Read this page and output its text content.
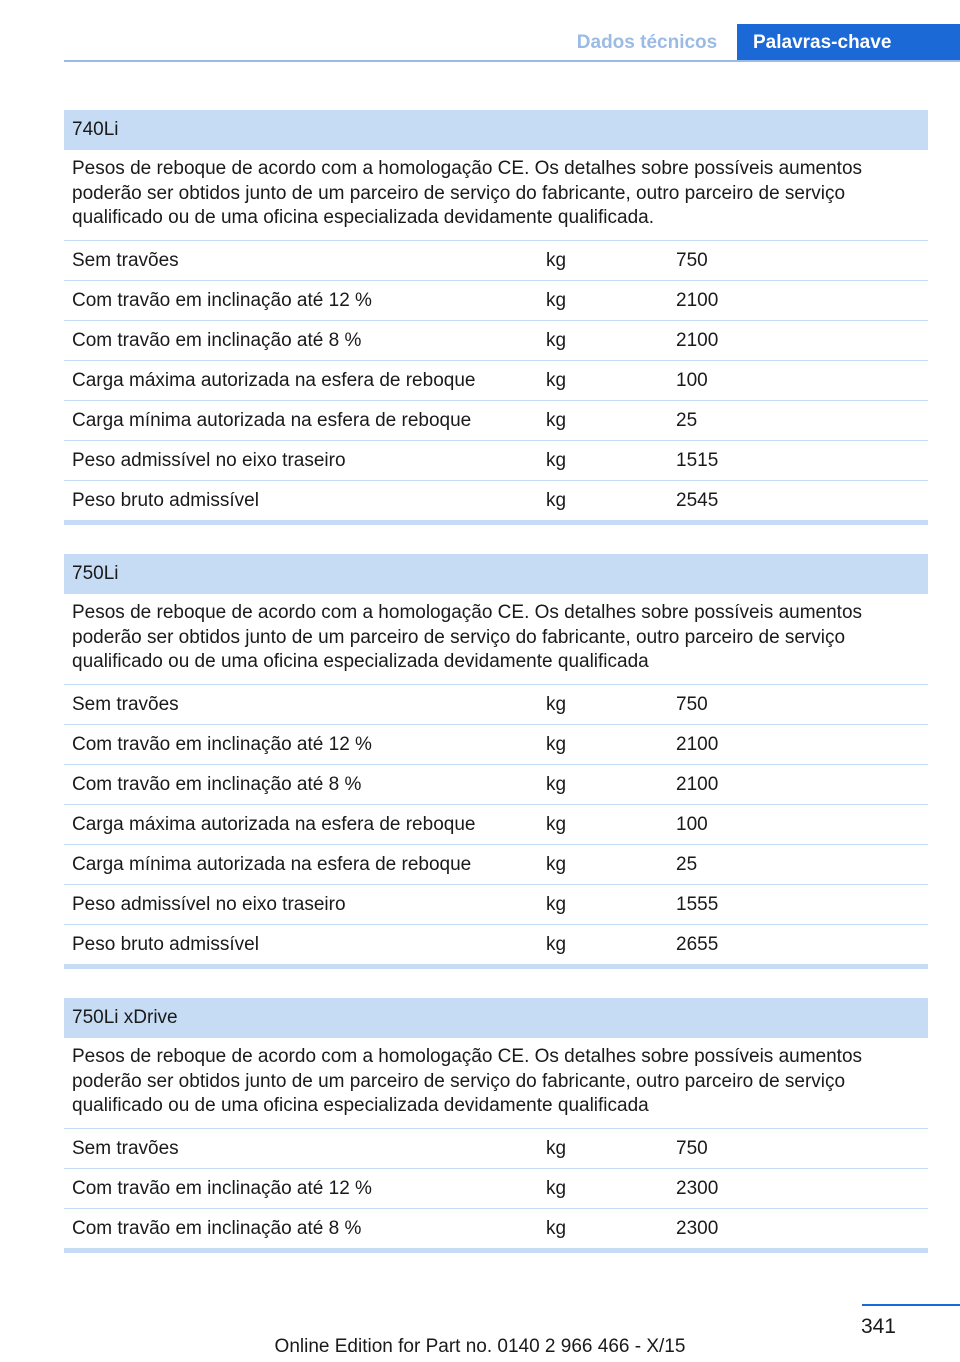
Dados técnicos	Palavras-chave
740Li
Pesos de reboque de acordo com a homologação CE. Os detalhes sobre possíveis aumentos poderão ser obtidos junto de um parceiro de serviço do fabricante, outro parceiro de serviço qualificado ou de uma oficina especializada devidamente qualificada.
Sem travões	kg	750
Com travão em inclinação até 12 %	kg	2100
Com travão em inclinação até 8 %	kg	2100
Carga máxima autorizada na esfera de reboque	kg	100
Carga mínima autorizada na esfera de reboque	kg	25
Peso admissível no eixo traseiro	kg	1515
Peso bruto admissível	kg	2545
750Li
Pesos de reboque de acordo com a homologação CE. Os detalhes sobre possíveis aumentos poderão ser obtidos junto de um parceiro de serviço do fabricante, outro parceiro de serviço qualificado ou de uma oficina especializada devidamente qualificada
Sem travões	kg	750
Com travão em inclinação até 12 %	kg	2100
Com travão em inclinação até 8 %	kg	2100
Carga máxima autorizada na esfera de reboque	kg	100
Carga mínima autorizada na esfera de reboque	kg	25
Peso admissível no eixo traseiro	kg	1555
Peso bruto admissível	kg	2655
750Li xDrive
Pesos de reboque de acordo com a homologação CE. Os detalhes sobre possíveis aumentos poderão ser obtidos junto de um parceiro de serviço do fabricante, outro parceiro de serviço qualificado ou de uma oficina especializada devidamente qualificada
Sem travões	kg	750
Com travão em inclinação até 12 %	kg	2300
Com travão em inclinação até 8 %	kg	2300
341
Online Edition for Part no. 0140 2 966 466 - X/15
